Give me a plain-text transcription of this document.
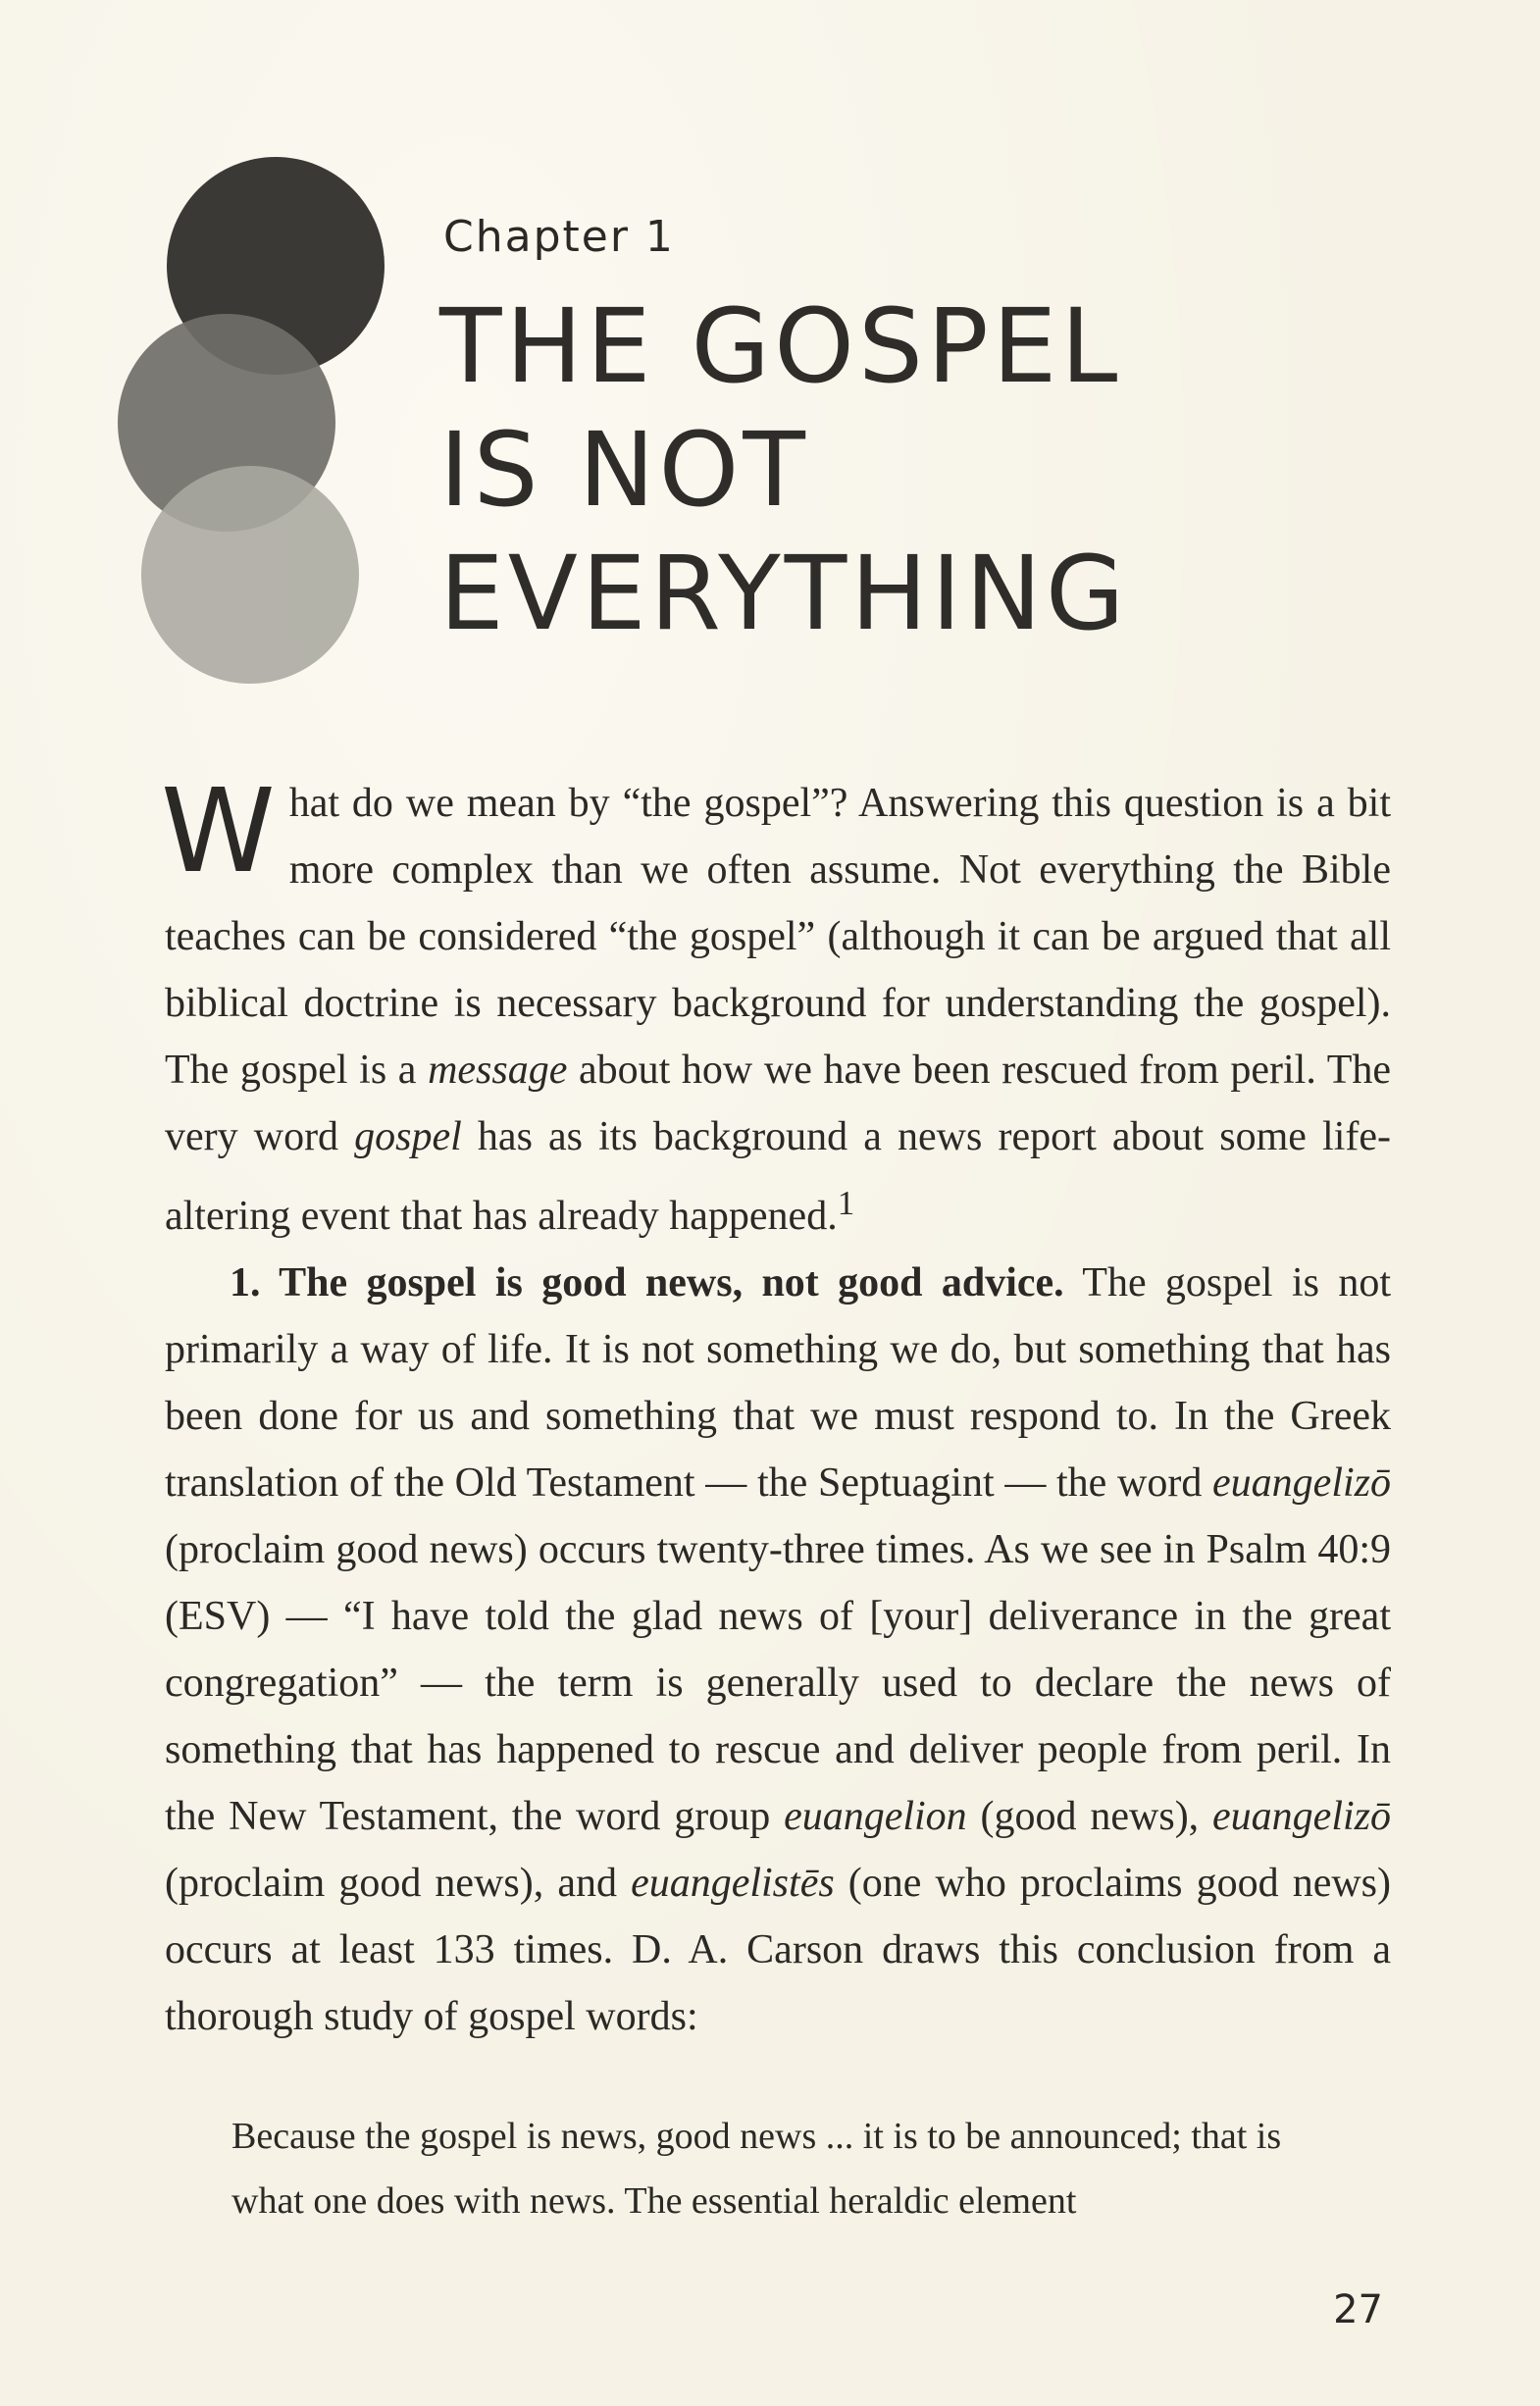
Chapter 1

THE GOSPEL
IS NOT
EVERYTHING

What do we mean by “the gospel”? Answering this question is a bit more complex than we often assume. Not everything the Bible teaches can be considered “the gospel” (although it can be argued that all biblical doctrine is necessary background for understanding the gospel). The gospel is a message about how we have been rescued from peril. The very word gospel has as its background a news report about some life-altering event that has already happened.$^1$

1. The gospel is good news, not good advice. The gospel is not primarily a way of life. It is not something we do, but something that has been done for us and something that we must respond to. In the Greek translation of the Old Testament — the Septuagint — the word euangelizō (proclaim good news) occurs twenty-three times. As we see in Psalm 40:9 (ESV) — “I have told the glad news of [your] deliverance in the great congregation” — the term is generally used to declare the news of something that has happened to rescue and deliver people from peril. In the New Testament, the word group euangelion (good news), euangelizō (proclaim good news), and euangelistēs (one who proclaims good news) occurs at least 133 times. D. A. Carson draws this conclusion from a thorough study of gospel words:

Because the gospel is news, good news ... it is to be announced; that is what one does with news. The essential heraldic element

27
